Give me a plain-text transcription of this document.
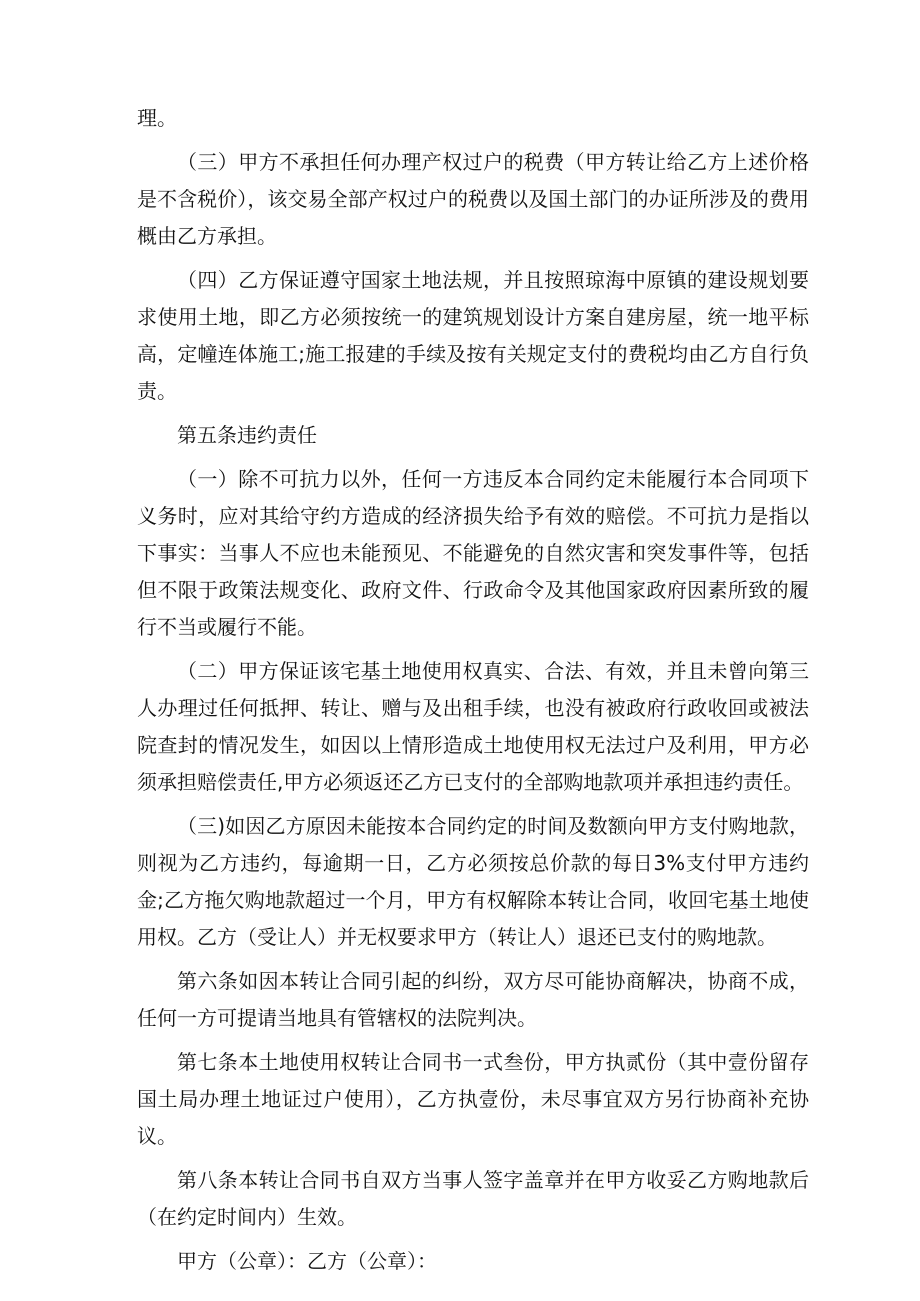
理。

（三）甲方不承担任何办理产权过户的税费（甲方转让给乙方上述价格是不含税价），该交易全部产权过户的税费以及国土部门的办证所涉及的费用概由乙方承担。

（四）乙方保证遵守国家土地法规，并且按照琼海中原镇的建设规划要求使用土地，即乙方必须按统一的建筑规划设计方案自建房屋，统一地平标高，定幢连体施工;施工报建的手续及按有关规定支付的费税均由乙方自行负责。

第五条违约责任

（一）除不可抗力以外，任何一方违反本合同约定未能履行本合同项下义务时，应对其给守约方造成的经济损失给予有效的赔偿。不可抗力是指以下事实：当事人不应也未能预见、不能避免的自然灾害和突发事件等，包括但不限于政策法规变化、政府文件、行政命令及其他国家政府因素所致的履行不当或履行不能。

（二）甲方保证该宅基土地使用权真实、合法、有效，并且未曾向第三人办理过任何抵押、转让、赠与及出租手续，也没有被政府行政收回或被法院查封的情况发生，如因以上情形造成土地使用权无法过户及利用，甲方必须承担赔偿责任,甲方必须返还乙方已支付的全部购地款项并承担违约责任。

（三)如因乙方原因未能按本合同约定的时间及数额向甲方支付购地款，则视为乙方违约，每逾期一日，乙方必须按总价款的每日3%支付甲方违约金;乙方拖欠购地款超过一个月，甲方有权解除本转让合同，收回宅基土地使用权。乙方（受让人）并无权要求甲方（转让人）退还已支付的购地款。

第六条如因本转让合同引起的纠纷，双方尽可能协商解决，协商不成，任何一方可提请当地具有管辖权的法院判决。

第七条本土地使用权转让合同书一式叁份，甲方执贰份（其中壹份留存国土局办理土地证过户使用），乙方执壹份，未尽事宜双方另行协商补充协议。

第八条本转让合同书自双方当事人签字盖章并在甲方收妥乙方购地款后（在约定时间内）生效。

甲方（公章）：乙方（公章）：
